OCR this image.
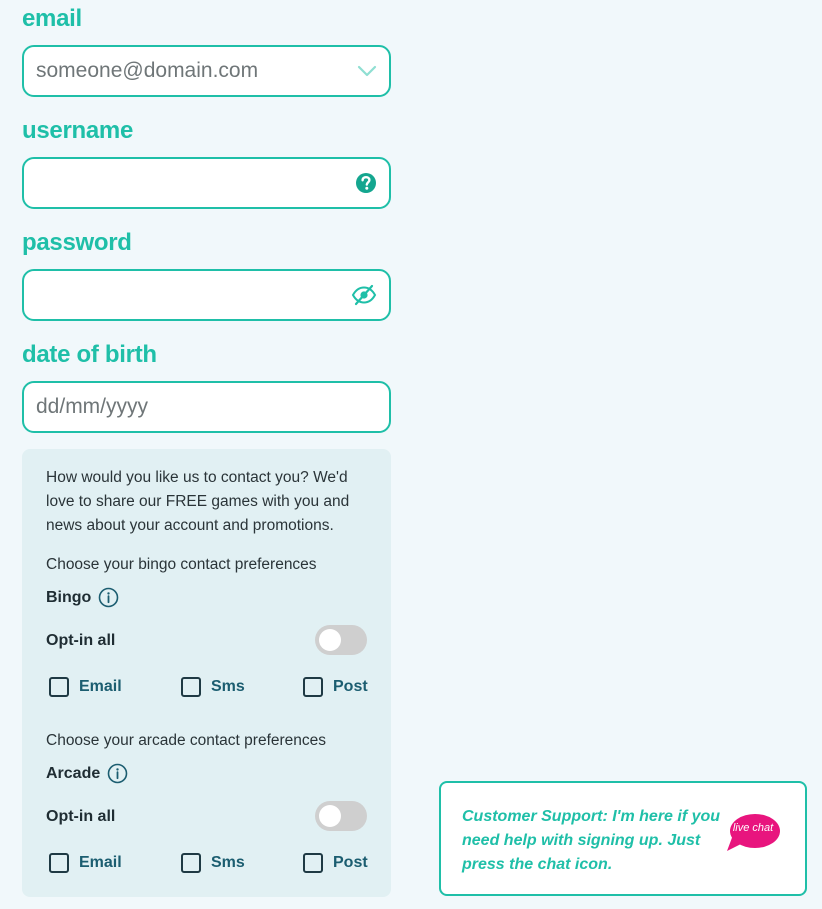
email
someone@domain.com
username
password
date of birth
dd/mm/yyyy
How would you like us to contact you? We'd love to share our FREE games with you and news about your account and promotions.
Choose your bingo contact preferences
Bingo
Opt-in all
Email	Sms	Post
Choose your arcade contact preferences
Arcade
Opt-in all
Email	Sms	Post
Customer Support: I'm here if you need help with signing up. Just press the chat icon.
live chat
